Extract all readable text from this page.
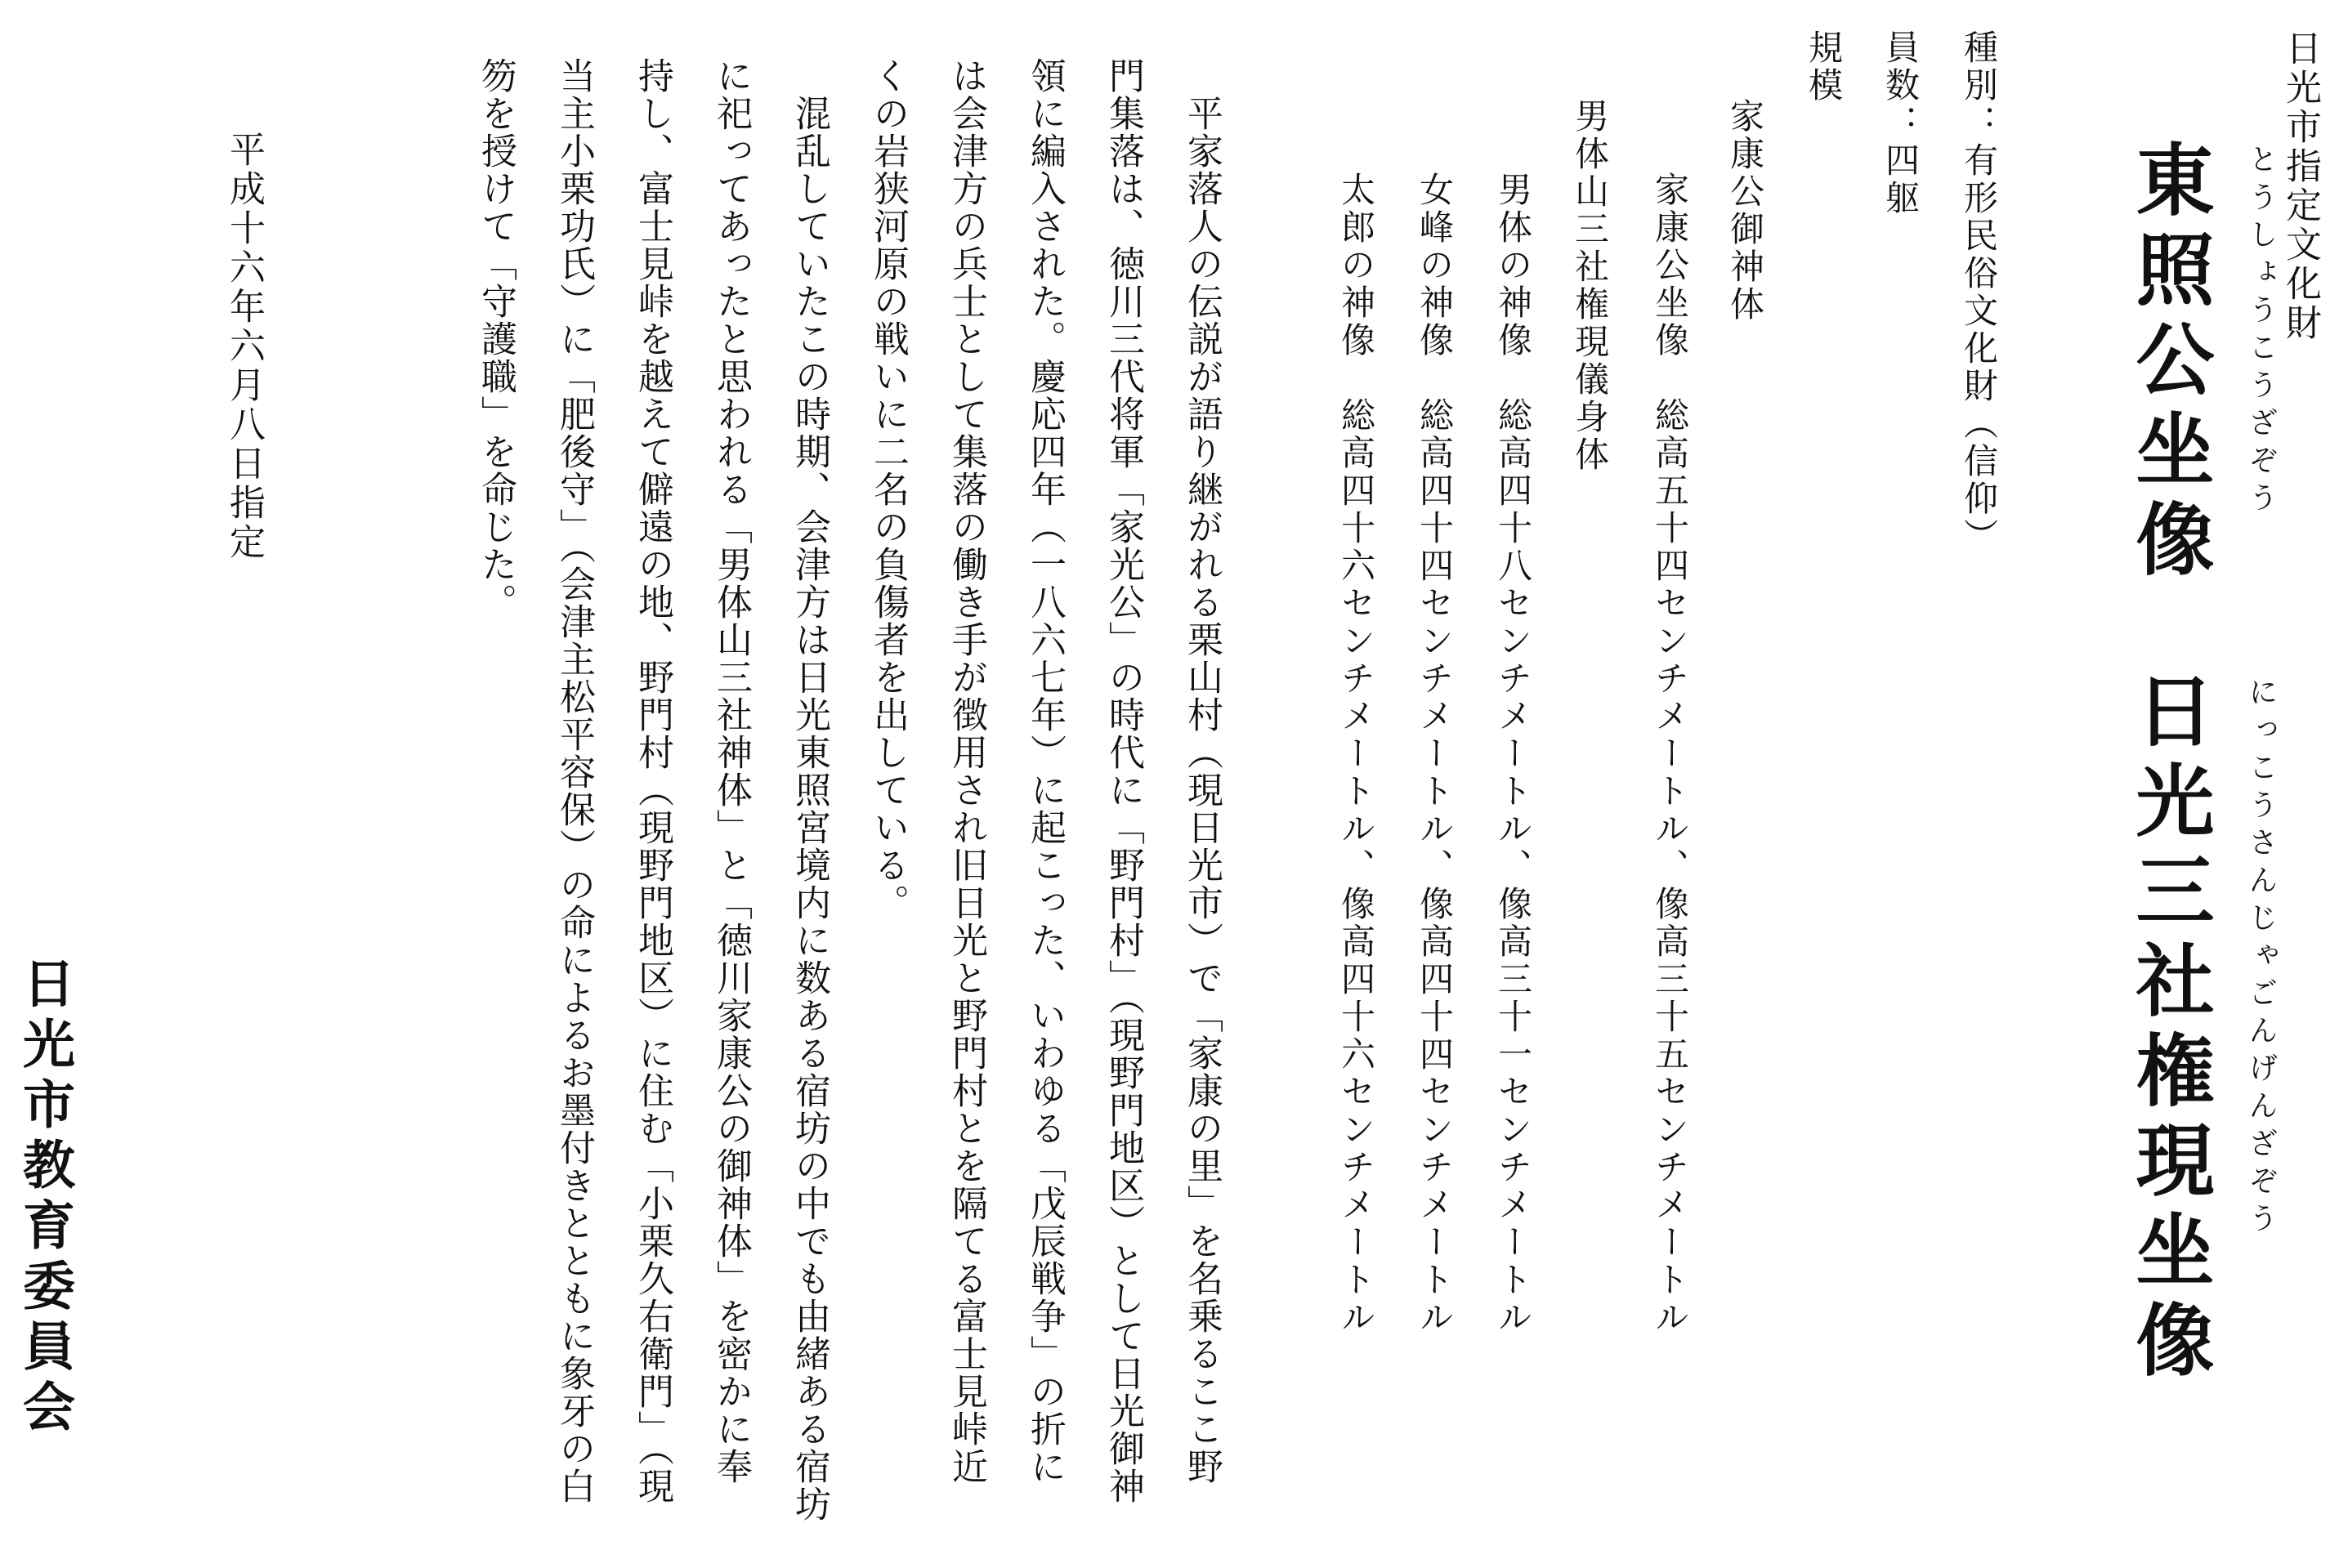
日光市指定文化財
とうしょうこうざぞう
東照公坐像
にっこうさんじゃごんげんざぞう
日光三社権現坐像
種別：有形民俗文化財（信仰）
員数：四躯
規模
家康公御神体
家康公坐像　総高五十四センチメートル、像高三十五センチメートル
男体山三社権現儀身体
男体の神像　総高四十八センチメートル、像高三十一センチメートル
女峰の神像　総高四十四センチメートル、像高四十四センチメートル
太郎の神像　総高四十六センチメートル、像高四十六センチメートル
　平家落人の伝説が語り継がれる栗山村（現日光市）で「家康の里」を名乗るここ野
門集落は、徳川三代将軍「家光公」の時代に「野門村」（現野門地区）として日光御神
領に編入された。慶応四年（一八六七年）に起こった、いわゆる「戊辰戦争」の折に
は会津方の兵士として集落の働き手が徴用され旧日光と野門村とを隔てる富士見峠近
くの岩狭河原の戦いに二名の負傷者を出している。
　混乱していたこの時期、会津方は日光東照宮境内に数ある宿坊の中でも由緒ある宿坊
に祀ってあったと思われる「男体山三社神体」と「徳川家康公の御神体」を密かに奉
持し、富士見峠を越えて僻遠の地、野門村（現野門地区）に住む「小栗久右衛門」（現
当主小栗功氏）に「肥後守」（会津主松平容保）の命によるお墨付きとともに象牙の白
笏を授けて「守護職」を命じた。
平成十六年六月八日指定
日光市教育委員会
